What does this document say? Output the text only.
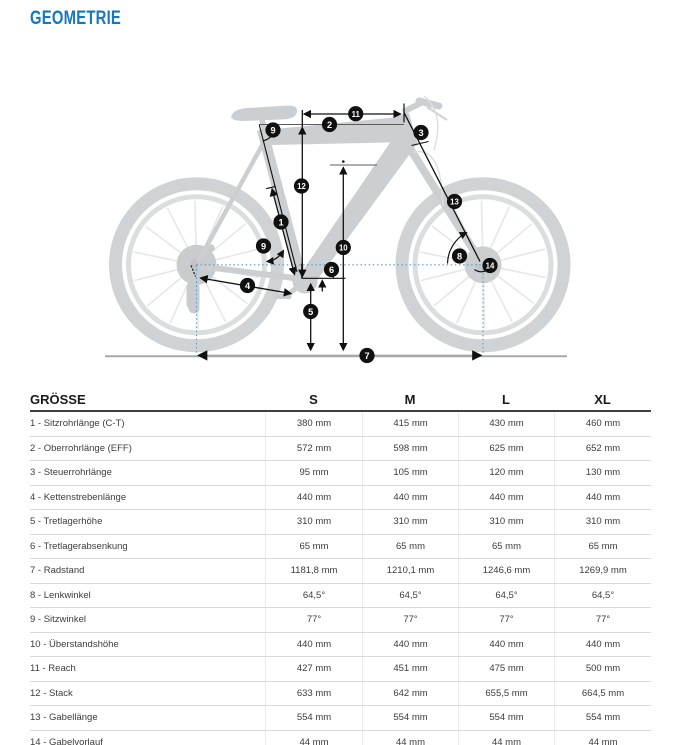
GEOMETRIE
1
2
3
4
5
6
7
8
9
9	10
11
12
13
14
GRÖSSE	S	M	L	XL
1 - Sitzrohrlänge (C-T)	380 mm	415 mm	430 mm	460 mm
2 - Oberrohrlänge (EFF)	572 mm	598 mm	625 mm	652 mm
3 - Steuerrohrlänge	95 mm	105 mm	120 mm	130 mm
4 - Kettenstrebenlänge	440 mm	440 mm	440 mm	440 mm
5 - Tretlagerhöhe	310 mm	310 mm	310 mm	310 mm
6 - Tretlagerabsenkung	65 mm	65 mm	65 mm	65 mm
7 - Radstand	1181,8 mm	1210,1 mm	1246,6 mm	1269,9 mm
8 - Lenkwinkel	64,5°	64,5°	64,5°	64,5°
9 - Sitzwinkel	77°	77°	77°	77°
10 - Überstandshöhe	440 mm	440 mm	440 mm	440 mm
11 - Reach	427 mm	451 mm	475 mm	500 mm
12 - Stack	633 mm	642 mm	655,5 mm	664,5 mm
13 - Gabellänge	554 mm	554 mm	554 mm	554 mm
14 - Gabelvorlauf	44 mm	44 mm	44 mm	44 mm
